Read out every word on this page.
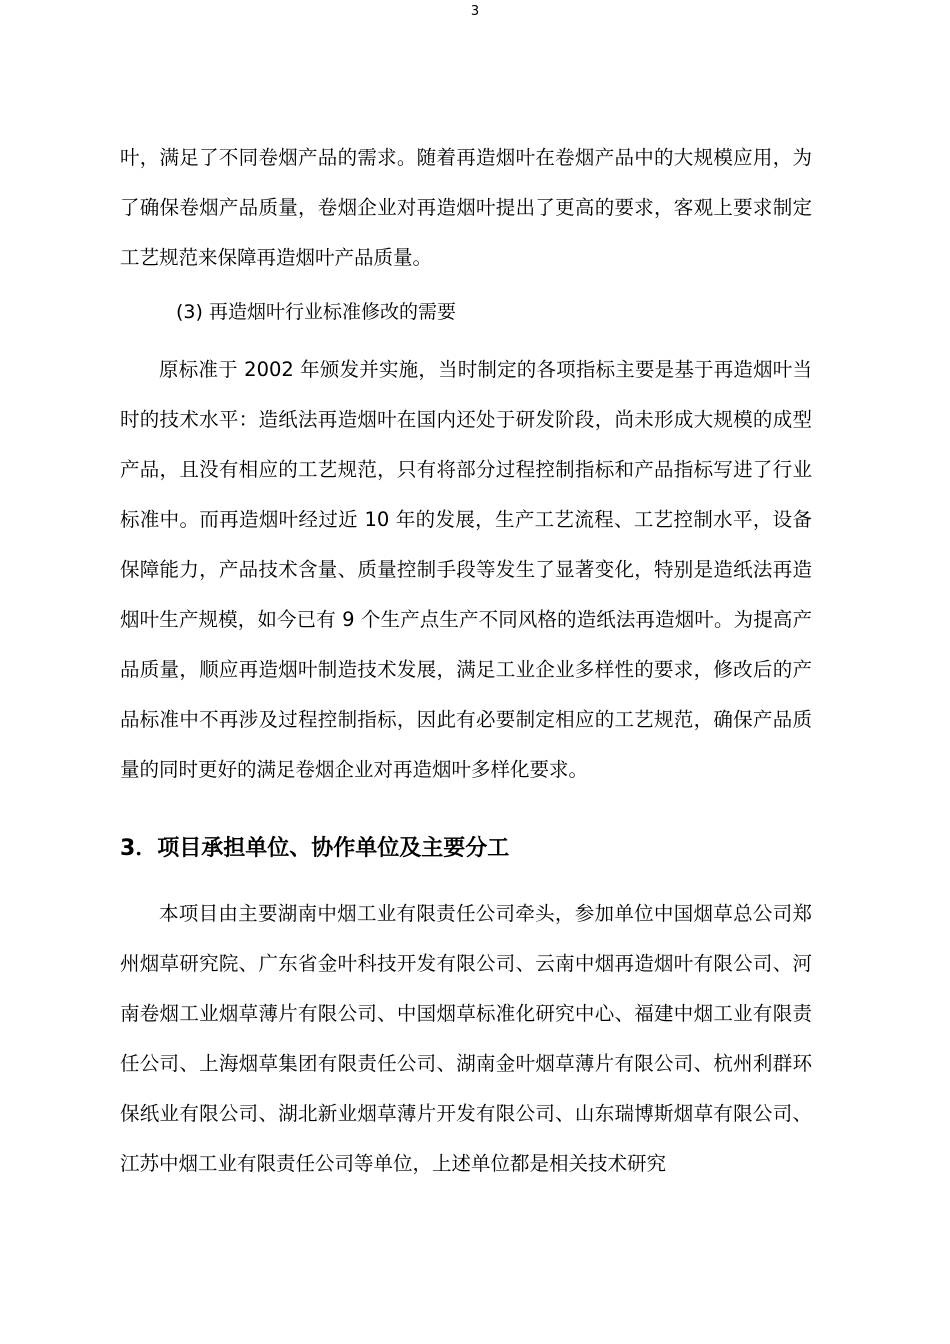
3

叶，满足了不同卷烟产品的需求。随着再造烟叶在卷烟产品中的大规模应用，为了确保卷烟产品质量，卷烟企业对再造烟叶提出了更高的要求，客观上要求制定工艺规范来保障再造烟叶产品质量。

(3) 再造烟叶行业标准修改的需要

原标准于 2002 年颁发并实施，当时制定的各项指标主要是基于再造烟叶当时的技术水平：造纸法再造烟叶在国内还处于研发阶段，尚未形成大规模的成型产品，且没有相应的工艺规范，只有将部分过程控制指标和产品指标写进了行业标准中。而再造烟叶经过近 10 年的发展，生产工艺流程、工艺控制水平，设备保障能力，产品技术含量、质量控制手段等发生了显著变化，特别是造纸法再造烟叶生产规模，如今已有 9 个生产点生产不同风格的造纸法再造烟叶。为提高产品质量，顺应再造烟叶制造技术发展，满足工业企业多样性的要求，修改后的产品标准中不再涉及过程控制指标，因此有必要制定相应的工艺规范，确保产品质量的同时更好的满足卷烟企业对再造烟叶多样化要求。

3．项目承担单位、协作单位及主要分工

本项目由主要湖南中烟工业有限责任公司牵头，参加单位中国烟草总公司郑州烟草研究院、广东省金叶科技开发有限公司、云南中烟再造烟叶有限公司、河南卷烟工业烟草薄片有限公司、中国烟草标准化研究中心、福建中烟工业有限责任公司、上海烟草集团有限责任公司、湖南金叶烟草薄片有限公司、杭州利群环保纸业有限公司、湖北新业烟草薄片开发有限公司、山东瑞博斯烟草有限公司、江苏中烟工业有限责任公司等单位，上述单位都是相关技术研究
